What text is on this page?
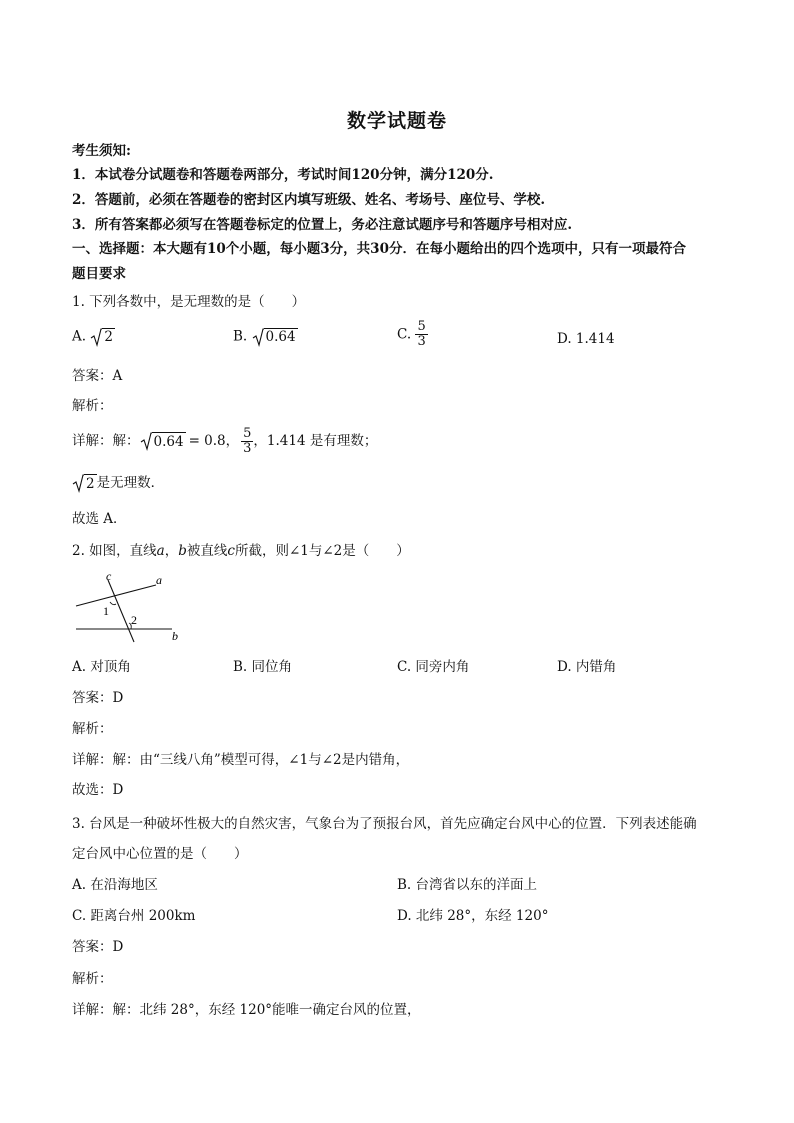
数学试题卷
考生须知:
1．本试卷分试题卷和答题卷两部分，考试时间120分钟，满分120分.
2．答题前，必须在答题卷的密封区内填写班级、姓名、考场号、座位号、学校.
3．所有答案都必须写在答题卷标定的位置上，务必注意试题序号和答题序号相对应.
一、选择题：本大题有10个小题，每小题3分，共30分．在每小题给出的四个选项中，只有一项最符合
题目要求
1. 下列各数中，是无理数的是（　　）
A. 2	B. 0.64	C. $\frac{5}{3}$	D. 1.414
答案：A
解析：
详解：解： 0.64 = 0.8， $\frac{5}{3}$ ，1.414 是有理数；
2 是无理数．
故选 A．
2. 如图，直线a，b被直线c所截，则∠1与∠2是（　　）
c	a
b
1
2
A. 对顶角	B. 同位角	C. 同旁内角	D. 内错角
答案：D
解析：
详解：解：由“三线八角”模型可得，∠1与∠2是内错角，
故选：D
3. 台风是一种破坏性极大的自然灾害，气象台为了预报台风，首先应确定台风中心的位置．下列表述能确
定台风中心位置的是（　　）
A. 在沿海地区	B. 台湾省以东的洋面上
C. 距离台州 200km	D. 北纬 28°，东经 120°
答案：D
解析：
详解：解：北纬 28°，东经 120°能唯一确定台风的位置，
